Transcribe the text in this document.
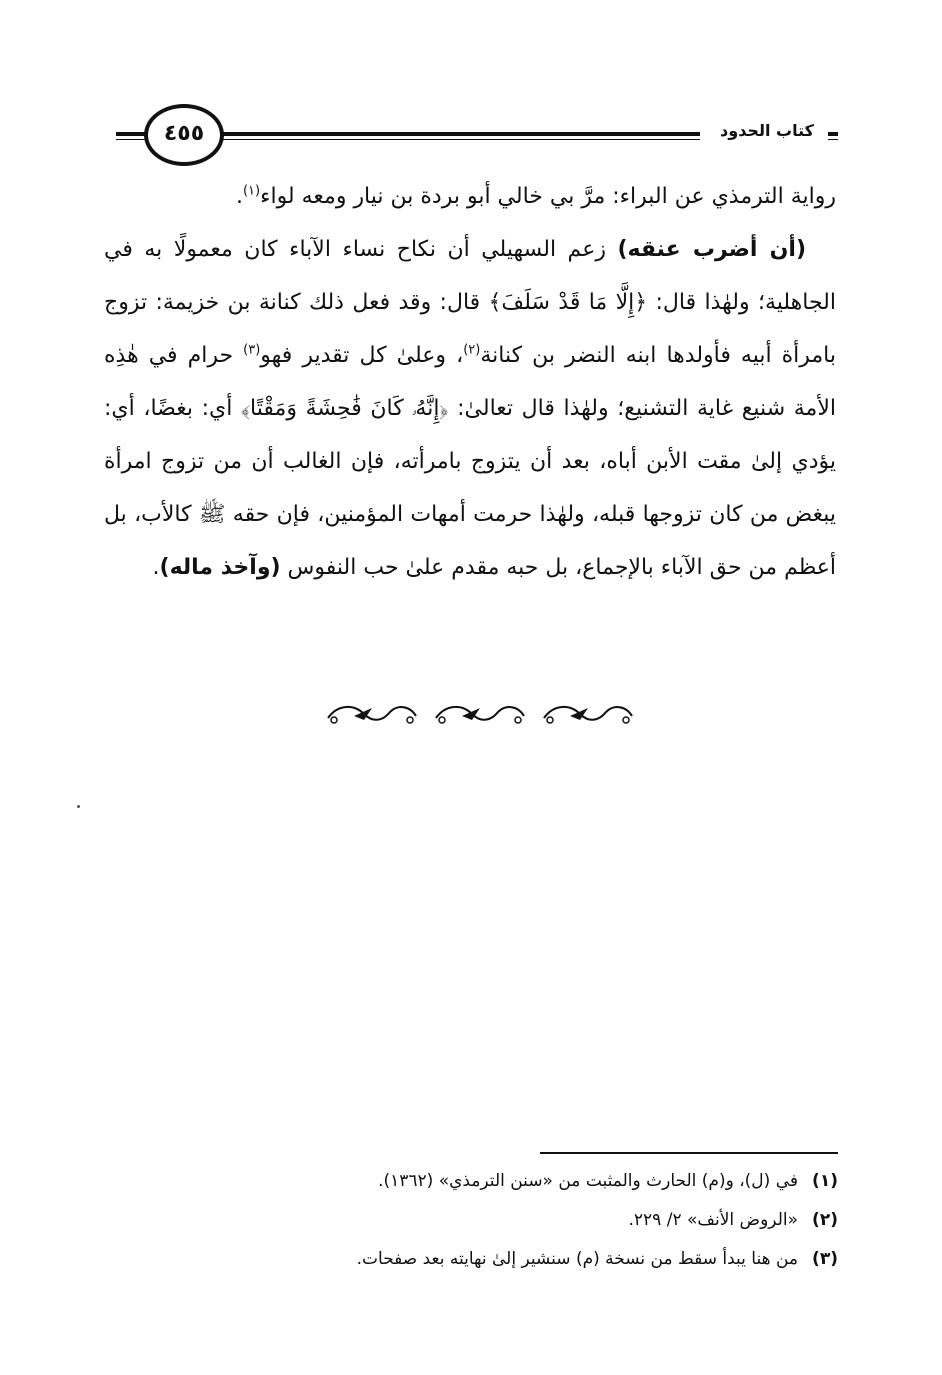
كتاب الحدود
٤٥٥

رواية الترمذي عن البراء: مرَّ بي خالي أبو بردة بن نيار ومعه لواء$^{(١)}$.

(أن أضرب عنقه) زعم السهيلي أن نكاح نساء الآباء كان معمولًا به في الجاهلية؛ ولهٰذا قال: ﴿إِلَّا مَا قَدْ سَلَفَ﴾ قال: وقد فعل ذلك كنانة بن خزيمة: تزوج بامرأة أبيه فأولدها ابنه النضر بن كنانة$^{(٢)}$، وعلىٰ كل تقدير فهو$^{(٣)}$ حرام في هٰذِه الأمة شنيع غاية التشنيع؛ ولهٰذا قال تعالىٰ: ﴿إِنَّهُۥ كَانَ فَٰحِشَةً وَمَقْتًا﴾ أي: بغضًا، أي: يؤدي إلىٰ مقت الأبن أباه، بعد أن يتزوج بامرأته، فإن الغالب أن من تزوج امرأة يبغض من كان تزوجها قبله، ولهٰذا حرمت أمهات المؤمنين، فإن حقه ﷺ كالأب، بل أعظم من حق الآباء بالإجماع، بل حبه مقدم علىٰ حب النفوس (وآخذ ماله).

(١)
في (ل)، و(م) الحارث والمثبت من «سنن الترمذي» (١٣٦٢).
(٢)
«الروض الأنف» ٢/ ٢٢٩.
(٣)
من هنا يبدأ سقط من نسخة (م) سنشير إلىٰ نهايته بعد صفحات.
